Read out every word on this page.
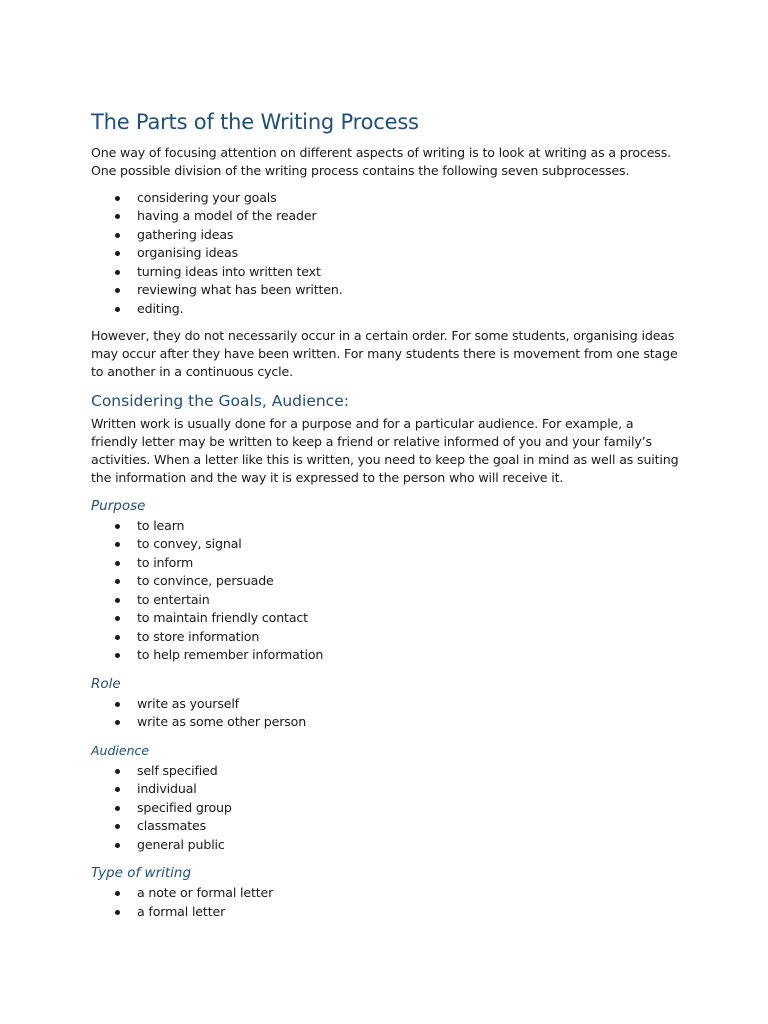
The Parts of the Writing Process

One way of focusing attention on different aspects of writing is to look at writing as a process. One possible division of the writing process contains the following seven subprocesses.

considering your goals
having a model of the reader
gathering ideas
organising ideas
turning ideas into written text
reviewing what has been written.
editing.

However, they do not necessarily occur in a certain order. For some students, organising ideas may occur after they have been written. For many students there is movement from one stage to another in a continuous cycle.

Considering the Goals, Audience:

Written work is usually done for a purpose and for a particular audience. For example, a friendly letter may be written to keep a friend or relative informed of you and your family’s activities. When a letter like this is written, you need to keep the goal in mind as well as suiting the information and the way it is expressed to the person who will receive it.

Purpose
to learn
to convey, signal
to inform
to convince, persuade
to entertain
to maintain friendly contact
to store information
to help remember information
Role
write as yourself
write as some other person
Audience
self specified
individual
specified group
classmates
general public
Type of writing
a note or formal letter
a formal letter
